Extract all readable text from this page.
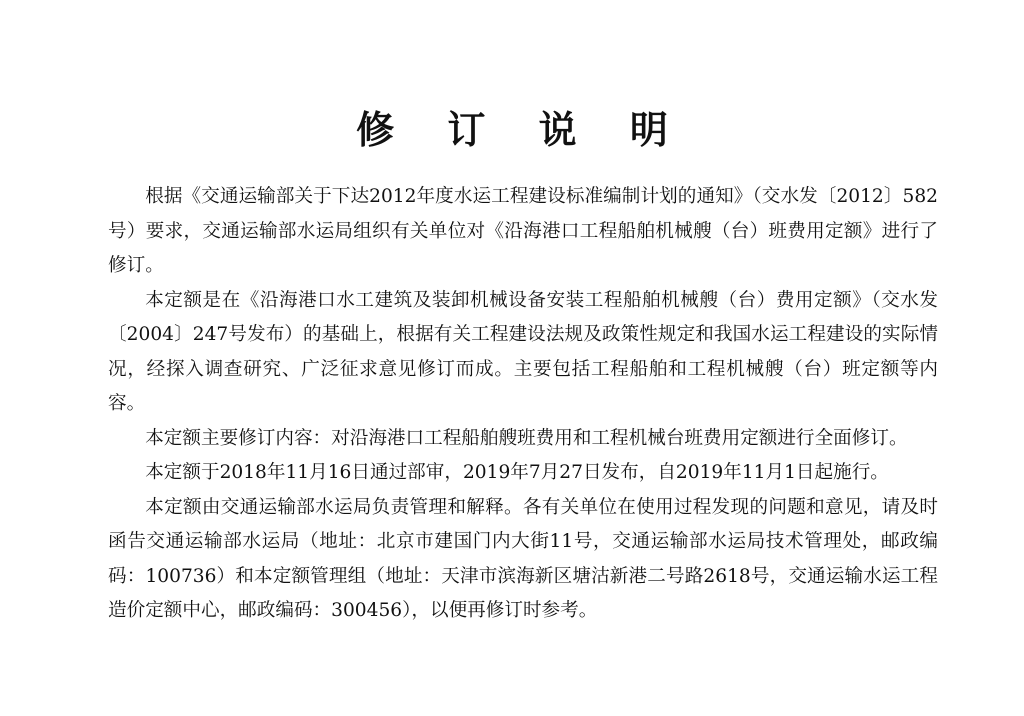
修 订 说 明

根据《交通运输部关于下达2012年度水运工程建设标准编制计划的通知》（交水发〔2012〕582号）要求，交通运输部水运局组织有关单位对《沿海港口工程船舶机械艘（台）班费用定额》进行了修订。

本定额是在《沿海港口水工建筑及装卸机械设备安装工程船舶机械艘（台）费用定额》（交水发〔2004〕247号发布）的基础上，根据有关工程建设法规及政策性规定和我国水运工程建设的实际情况，经探入调查研究、广泛征求意见修订而成。主要包括工程船舶和工程机械艘（台）班定额等内容。

本定额主要修订内容：对沿海港口工程船舶艘班费用和工程机械台班费用定额进行全面修订。

本定额于2018年11月16日通过部审，2019年7月27日发布，自2019年11月1日起施行。

本定额由交通运输部水运局负责管理和解释。各有关单位在使用过程发现的问题和意见，请及时函告交通运输部水运局（地址：北京市建国门内大街11号，交通运输部水运局技术管理处，邮政编码：100736）和本定额管理组（地址：天津市滨海新区塘沽新港二号路2618号，交通运输水运工程造价定额中心，邮政编码：300456），以便再修订时参考。
